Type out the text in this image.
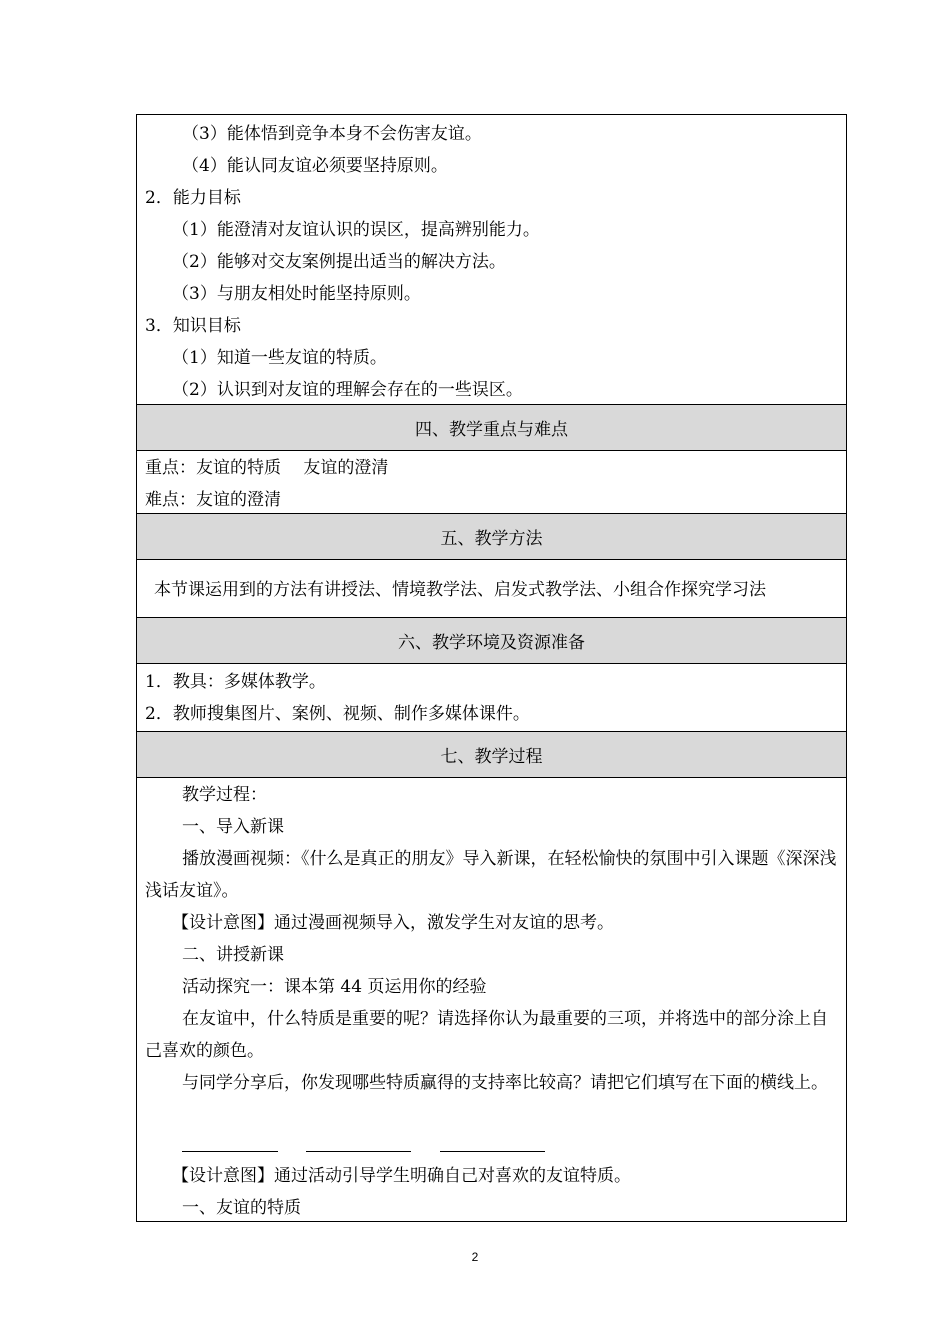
（3）能体悟到竞争本身不会伤害友谊。
（4）能认同友谊必须要坚持原则。
2．能力目标
（1）能澄清对友谊认识的误区，提高辨别能力。
（2）能够对交友案例提出适当的解决方法。
（3）与朋友相处时能坚持原则。
3．知识目标
（1）知道一些友谊的特质。
（2）认识到对友谊的理解会存在的一些误区。
四、教学重点与难点
重点：友谊的特质　 友谊的澄清
难点：友谊的澄清
五、教学方法
本节课运用到的方法有讲授法、情境教学法、启发式教学法、小组合作探究学习法
六、教学环境及资源准备
1．教具：多媒体教学。
2．教师搜集图片、案例、视频、制作多媒体课件。
七、教学过程
教学过程：
一、导入新课
播放漫画视频：《什么是真正的朋友》导入新课，在轻松愉快的氛围中引入课题《深深浅浅话友谊》。
【设计意图】通过漫画视频导入，激发学生对友谊的思考。
二、讲授新课
活动探究一：课本第 44 页运用你的经验
在友谊中，什么特质是重要的呢？请选择你认为最重要的三项，并将选中的部分涂上自己喜欢的颜色。
与同学分享后，你发现哪些特质赢得的支持率比较高？请把它们填写在下面的横线上。
【设计意图】通过活动引导学生明确自己对喜欢的友谊特质。
一、友谊的特质
2
